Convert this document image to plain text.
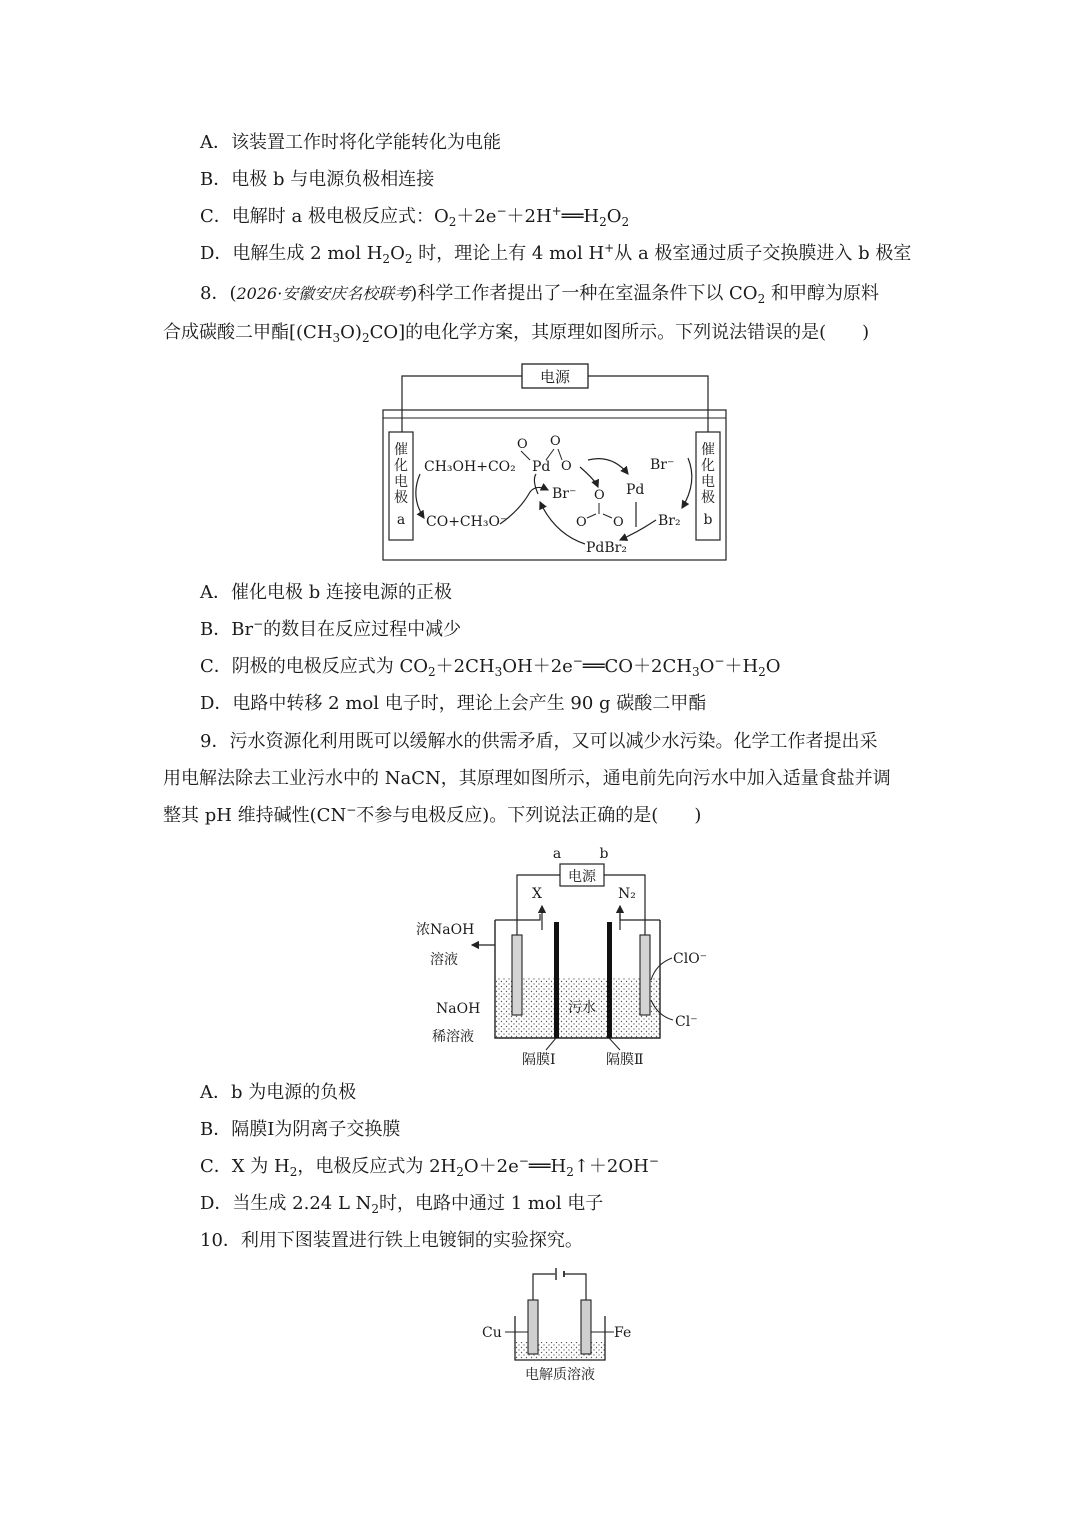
A．该装置工作时将化学能转化为电能
B．电极 b 与电源负极相连接
C．电解时 a 极电极反应式：$O_2+2e^-+2H^+══H_2O_2$
D．电解生成 2 mol $H_2O_2$ 时，理论上有 4 mol H+从 a 极室通过质子交换膜进入 b 极室
8．(2026·安徽安庆名校联考)科学工作者提出了一种在室温条件下以 $CO_2$ 和甲醇为原料
合成碳酸二甲酯$[(CH_3O)_2CO]$的电化学方案，其原理如图所示。下列说法错误的是(　　)
电源
催
化
电
极
a
催
化
电
极
b
CH₃OH+CO₂
CO+CH₃O⁻
O O
Pd O	Br⁻
Pd
O
O O
Br⁻
Br₂
PdBr₂
A．催化电极 b 连接电源的正极
B．Br−的数目在反应过程中减少
C．阴极的电极反应式为 $CO_2+2CH_3OH+2e^-══CO+2CH_3O^-+H_2O$
D．电路中转移 2 mol 电子时，理论上会产生 90 g 碳酸二甲酯
9．污水资源化利用既可以缓解水的供需矛盾，又可以减少水污染。化学工作者提出采
用电解法除去工业污水中的 NaCN，其原理如图所示，通电前先向污水中加入适量食盐并调
整其 pH 维持碱性(CN−不参与电极反应)。下列说法正确的是(　　)
a	b
电源
X	N₂
污水
浓NaOH
溶液
NaOH
稀溶液
ClO⁻
Cl⁻
隔膜Ⅰ	隔膜Ⅱ
A．b 为电源的负极
B．隔膜Ⅰ为阴离子交换膜
C．X 为 $H_2$，电极反应式为 $2H_2O+2e^-══H_2↑+2OH^-$
D．当生成 2.24 L $N_2$时，电路中通过 1 mol 电子
10．利用下图装置进行铁上电镀铜的实验探究。
Cu	Fe
电解质溶液
